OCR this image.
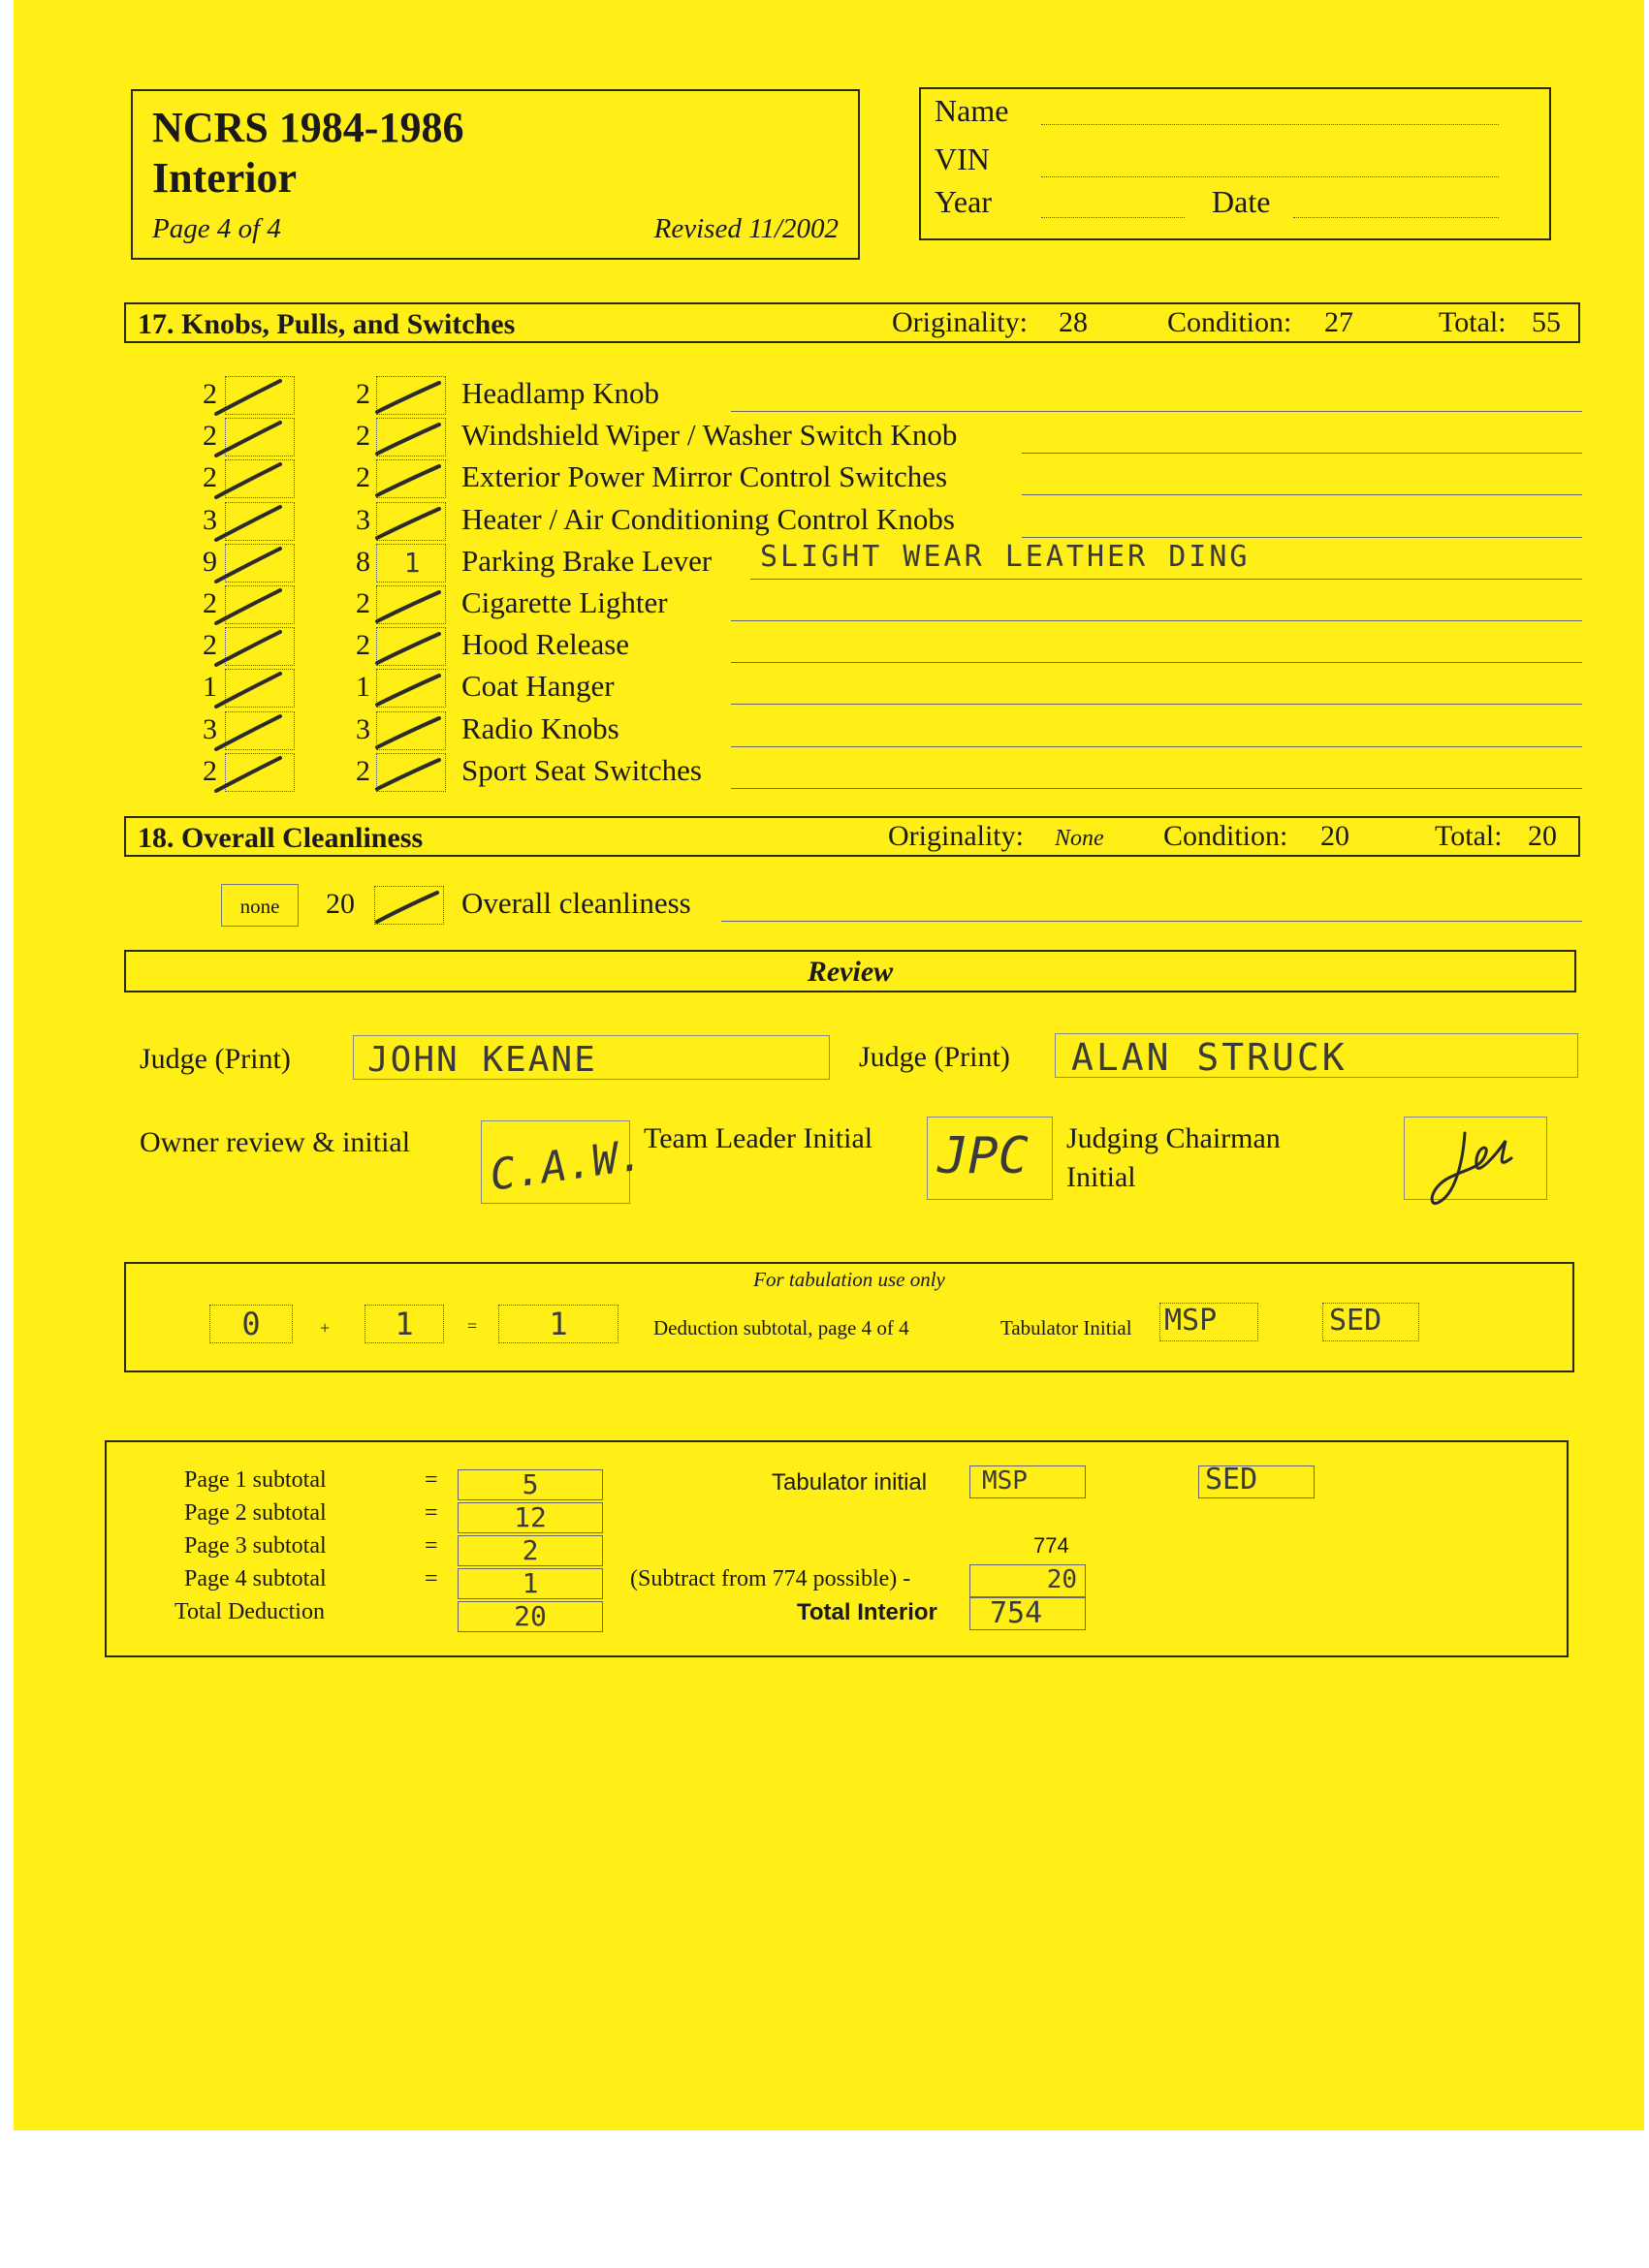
NCRS 1984-1986
Interior
Page 4 of 4	Revised 11/2002
Name
VIN
Year	Date
17. Knobs, Pulls, and Switches	Originality: 28	Condition: 27	Total: 55
18. Overall Cleanliness	Originality: None Condition: 20	Total: 20
none	20	Overall cleanliness
Review
Judge (Print) JOHN KEANE	Judge (Print) ALAN STRUCK
Owner review & initial C.A.W.
Team Leader Initial JPC Judging Chairman
Initial
For tabulation use only
0	+	1	=	1	Deduction subtotal, page 4 of 4	Tabulator Initial MSP	SED
Tabulator initial MSP	SED
774
(Subtract from 774 possible) -	20
Total Interior 754
Page 1 subtotal	=	5
Page 2 subtotal	=	12
Page 3 subtotal	=	2
Page 4 subtotal	=	1
Total Deduction	20
2	2	Headlamp Knob
2	2	Windshield Wiper / Washer Switch Knob
2	2	Exterior Power Mirror Control Switches
3	3	Heater / Air Conditioning Control Knobs
9	8	1	Parking Brake Lever SLIGHT WEAR LEATHER DING
2	2	Cigarette Lighter
2	2	Hood Release
1	1	Coat Hanger
3	3	Radio Knobs
2	2	Sport Seat Switches
